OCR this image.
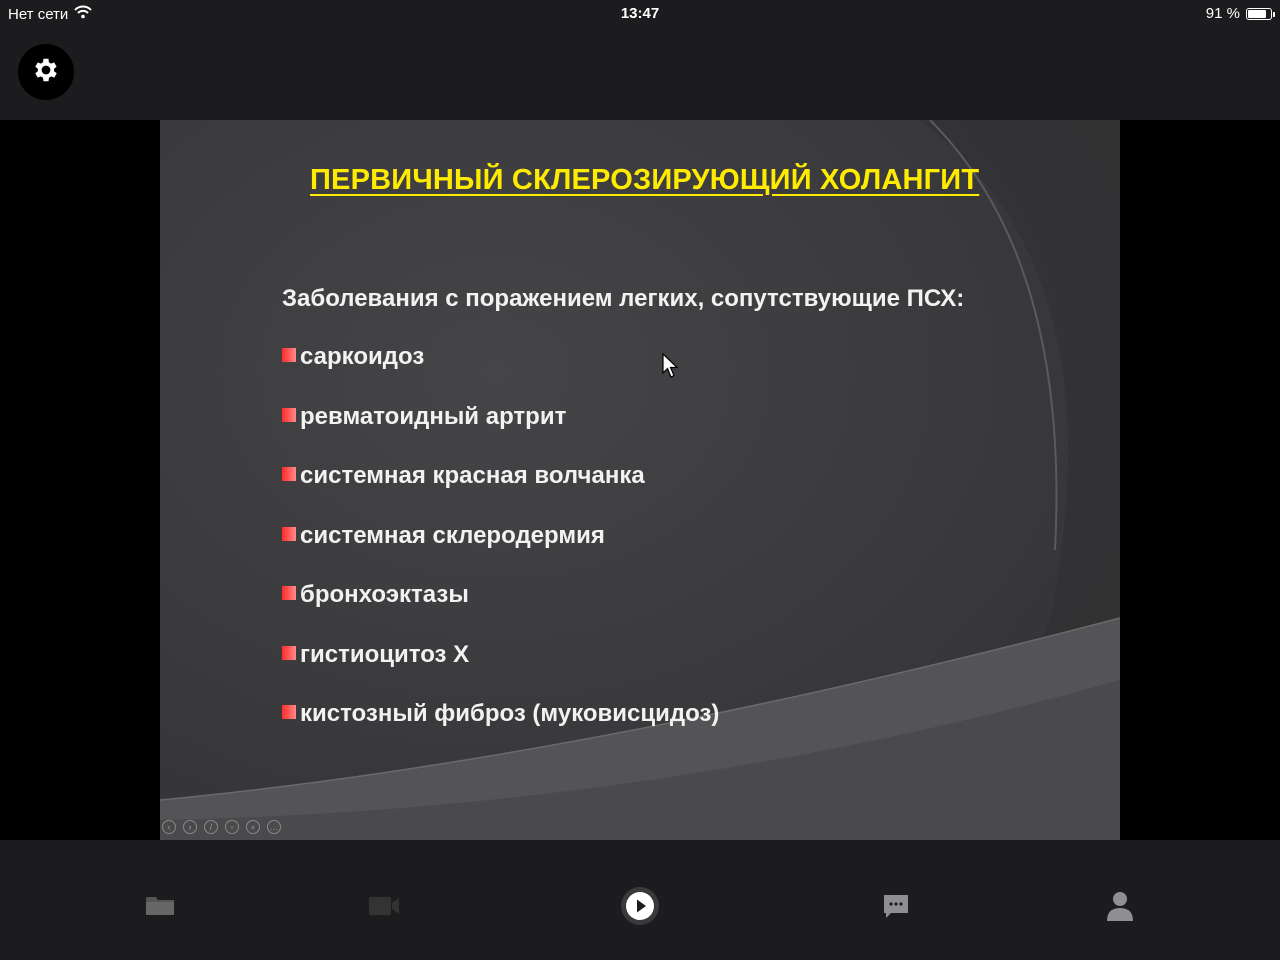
Нет сети	13:47	91 %
ПЕРВИЧНЫЙ СКЛЕРОЗИРУЮЩИЙ ХОЛАНГИТ
Заболевания с поражением легких, сопутствующие ПСХ:
саркоидоз
ревматоидный артрит
системная красная волчанка
системная склеродермия
бронхоэктазы
гистиоцитоз Х
кистозный фиброз (муковисцидоз)
‹	›	/	▫	∘	…
